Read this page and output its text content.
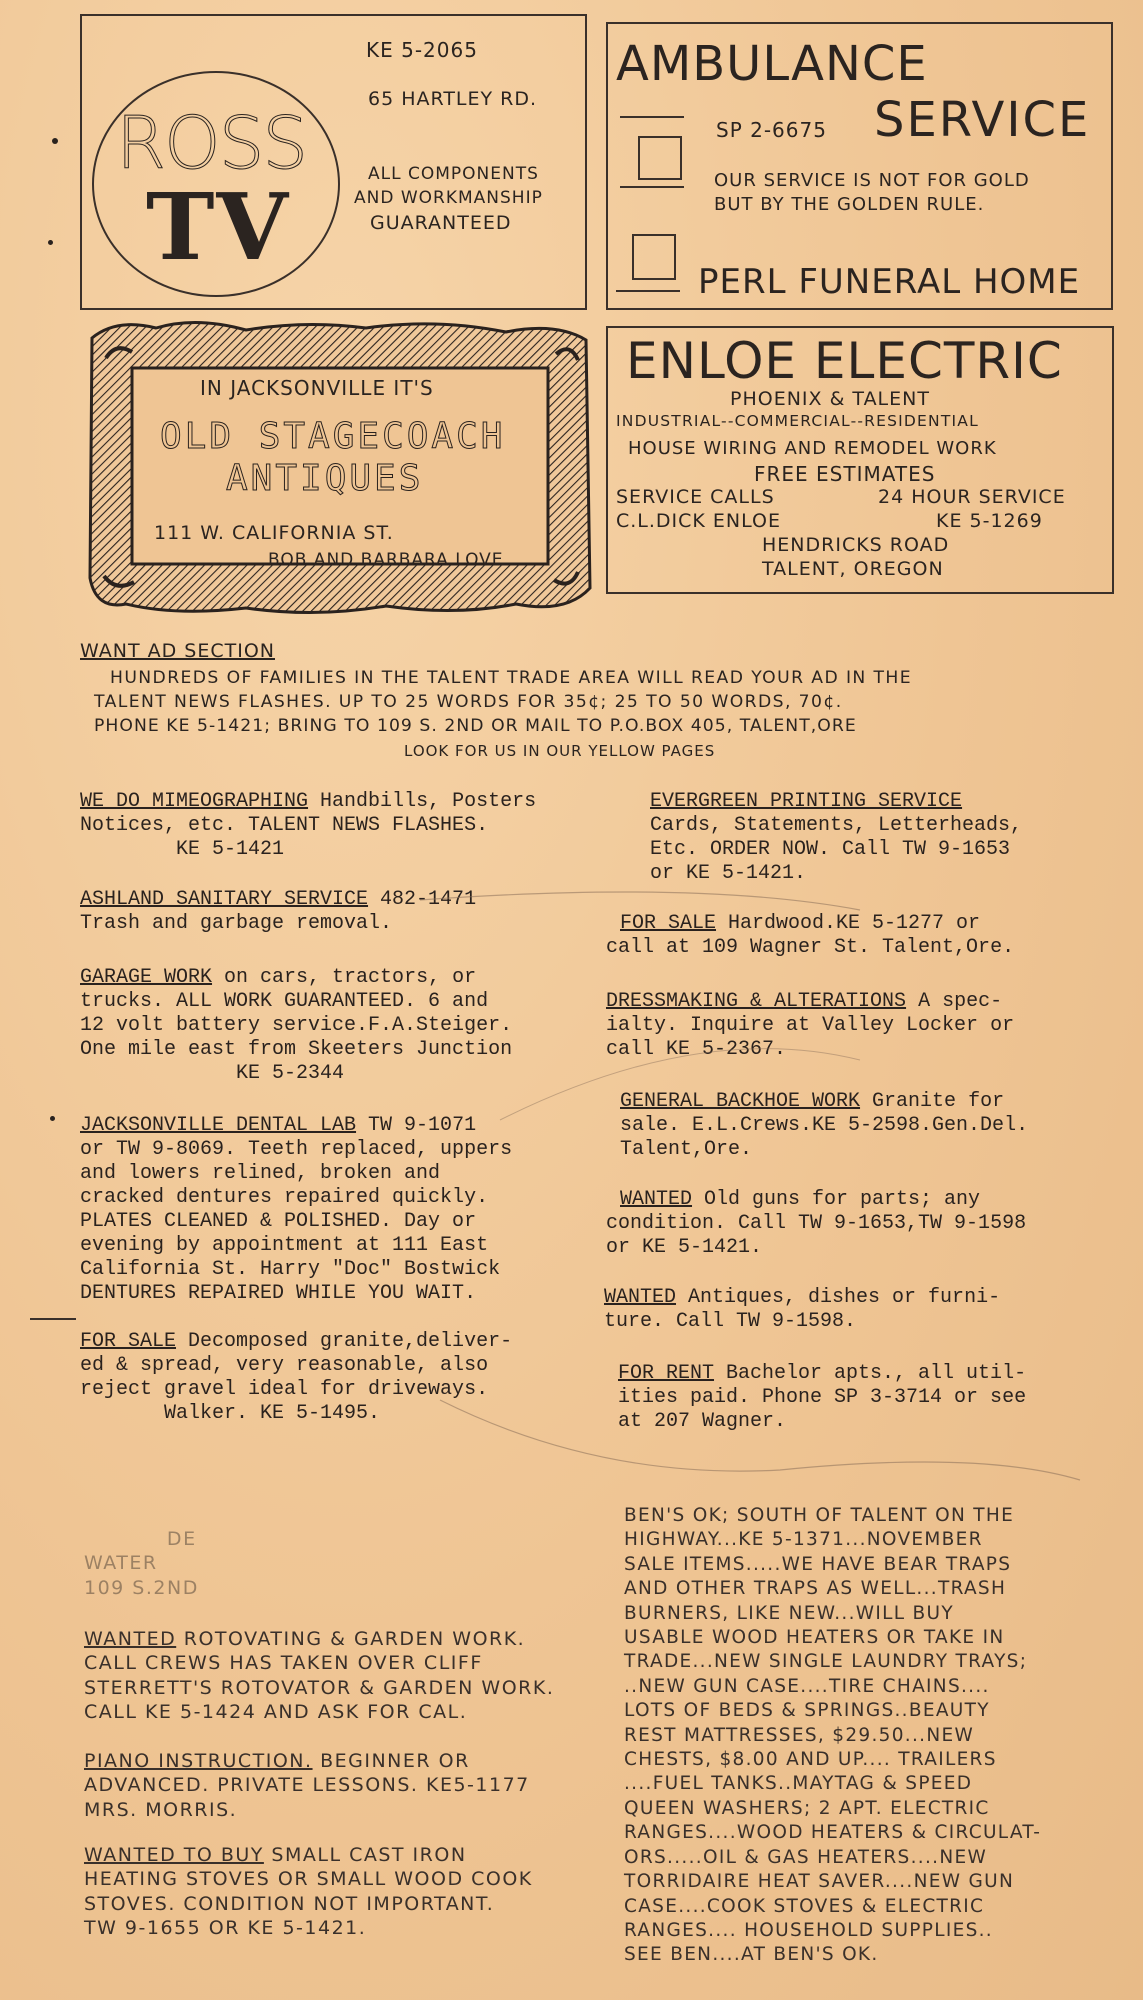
ROSS
TV
KE 5-2065
65 HARTLEY RD.
ALL COMPONENTS
AND WORKMANSHIP
GUARANTEED
AMBULANCE
SP 2-6675 SERVICE
OUR SERVICE IS NOT FOR GOLD
BUT BY THE GOLDEN RULE.
PERL FUNERAL HOME
IN JACKSONVILLE IT'S
OLD STAGECOACH
ANTIQUES
111 W. CALIFORNIA ST.
BOB AND BARBARA LOVE
ENLOE ELECTRIC
PHOENIX & TALENT
INDUSTRIAL--COMMERCIAL--RESIDENTIAL
HOUSE WIRING AND REMODEL WORK
FREE ESTIMATES
SERVICE CALLS	24 HOUR SERVICE
C.L.DICK ENLOE	KE 5-1269
HENDRICKS ROAD
TALENT, OREGON
WANT AD SECTION
HUNDREDS OF FAMILIES IN THE TALENT TRADE AREA WILL READ YOUR AD IN THE
TALENT NEWS FLASHES. UP TO 25 WORDS FOR 35¢; 25 TO 50 WORDS, 70¢.
PHONE KE 5-1421; BRING TO 109 S. 2ND OR MAIL TO P.O.BOX 405, TALENT,ORE
LOOK FOR US IN OUR YELLOW PAGES

WE DO MIMEOGRAPHING Handbills, Posters
Notices, etc. TALENT NEWS FLASHES.
KE 5-1421

ASHLAND SANITARY SERVICE 482-1471
Trash and garbage removal.

GARAGE WORK on cars, tractors, or
trucks. ALL WORK GUARANTEED. 6 and
12 volt battery service.F.A.Steiger.
One mile east from Skeeters Junction
KE 5-2344

JACKSONVILLE DENTAL LAB TW 9-1071
or TW 9-8069. Teeth replaced, uppers
and lowers relined, broken and
cracked dentures repaired quickly.
PLATES CLEANED & POLISHED. Day or
evening by appointment at 111 East
California St. Harry "Doc" Bostwick
DENTURES REPAIRED WHILE YOU WAIT.

FOR SALE Decomposed granite,deliver-
ed & spread, very reasonable, also
reject gravel ideal for driveways.
Walker. KE 5-1495.

EVERGREEN PRINTING SERVICE
Cards, Statements, Letterheads,
Etc. ORDER NOW. Call TW 9-1653
or KE 5-1421.

FOR SALE Hardwood.KE 5-1277 or
call at 109 Wagner St. Talent,Ore.

DRESSMAKING & ALTERATIONS A spec-
ialty. Inquire at Valley Locker or
call KE 5-2367.

GENERAL BACKHOE WORK Granite for
sale. E.L.Crews.KE 5-2598.Gen.Del.
Talent,Ore.

WANTED Old guns for parts; any
condition. Call TW 9-1653,TW 9-1598
or KE 5-1421.

WANTED Antiques, dishes or furni-
ture. Call TW 9-1598.

FOR RENT Bachelor apts., all util-
ities paid. Phone SP 3-3714 or see
at 207 Wagner.

DE
WATER
109 S.2ND

WANTED ROTOVATING & GARDEN WORK.
CALL CREWS HAS TAKEN OVER CLIFF
STERRETT'S ROTOVATOR & GARDEN WORK.
CALL KE 5-1424 AND ASK FOR CAL.

PIANO INSTRUCTION. BEGINNER OR
ADVANCED. PRIVATE LESSONS. KE5-1177
MRS. MORRIS.

WANTED TO BUY SMALL CAST IRON
HEATING STOVES OR SMALL WOOD COOK
STOVES. CONDITION NOT IMPORTANT.
TW 9-1655 OR KE 5-1421.
BEN'S OK; SOUTH OF TALENT ON THE
HIGHWAY...KE 5-1371...NOVEMBER
SALE ITEMS.....WE HAVE BEAR TRAPS
AND OTHER TRAPS AS WELL...TRASH
BURNERS, LIKE NEW...WILL BUY
USABLE WOOD HEATERS OR TAKE IN
TRADE...NEW SINGLE LAUNDRY TRAYS;
..NEW GUN CASE....TIRE CHAINS....
LOTS OF BEDS & SPRINGS..BEAUTY
REST MATTRESSES, $29.50...NEW
CHESTS, $8.00 AND UP.... TRAILERS
....FUEL TANKS..MAYTAG & SPEED
QUEEN WASHERS; 2 APT. ELECTRIC
RANGES....WOOD HEATERS & CIRCULAT-
ORS.....OIL & GAS HEATERS....NEW
TORRIDAIRE HEAT SAVER....NEW GUN
CASE....COOK STOVES & ELECTRIC
RANGES.... HOUSEHOLD SUPPLIES..
SEE BEN....AT BEN'S OK.
